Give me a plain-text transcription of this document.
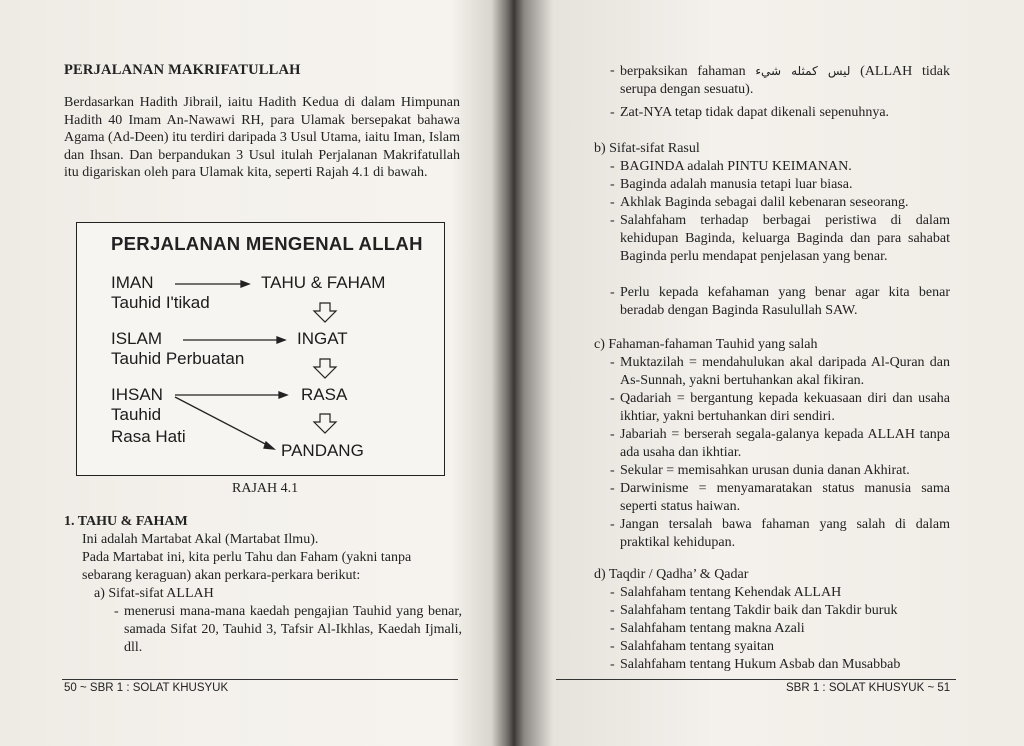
PERJALANAN MAKRIFATULLAH
Berdasarkan Hadith Jibrail, iaitu Hadith Kedua di dalam Himpunan Hadith 40 Imam An-Nawawi RH, para Ulamak bersepakat bahawa Agama (Ad-Deen) itu terdiri daripada 3 Usul Utama, iaitu Iman, Islam dan Ihsan. Dan berpandukan 3 Usul itulah Perjalanan Makrifatullah itu digariskan oleh para Ulamak kita, seperti Rajah 4.1 di bawah.
PERJALANAN MENGENAL ALLAH
IMAN
Tauhid I'tikad
TAHU & FAHAM
ISLAM
Tauhid Perbuatan
INGAT
IHSAN
Tauhid
Rasa Hati
RASA
PANDANG
RAJAH 4.1
1. TAHU & FAHAM
Ini adalah Martabat Akal (Martabat Ilmu).
Pada Martabat ini, kita perlu Tahu dan Faham (yakni tanpa
sebarang keraguan) akan perkara-perkara berikut:
a) Sifat-sifat ALLAH
- menerusi mana-mana kaedah pengajian Tauhid yang benar, samada Sifat 20, Tauhid 3, Tafsir Al-Ikhlas, Kaedah Ijmali, dll.
50 ~ SBR 1 : SOLAT KHUSYUK
- berpaksikan fahaman ليس كمثله شيء (ALLAH tidak serupa dengan sesuatu).
- Zat-NYA tetap tidak dapat dikenali sepenuhnya.
b) Sifat-sifat Rasul
- BAGINDA adalah PINTU KEIMANAN.
- Baginda adalah manusia tetapi luar biasa.
- Akhlak Baginda sebagai dalil kebenaran seseorang.
- Salahfaham terhadap berbagai peristiwa di dalam kehidupan Baginda, keluarga Baginda dan para sahabat Baginda perlu mendapat penjelasan yang benar.
- Perlu kepada kefahaman yang benar agar kita benar beradab dengan Baginda Rasulullah SAW.
c) Fahaman-fahaman Tauhid yang salah
- Muktazilah = mendahulukan akal daripada Al-Quran dan As-Sunnah, yakni bertuhankan akal fikiran.
- Qadariah = bergantung kepada kekuasaan diri dan usaha ikhtiar, yakni bertuhankan diri sendiri.
- Jabariah = berserah segala-galanya kepada ALLAH tanpa ada usaha dan ikhtiar.
- Sekular = memisahkan urusan dunia danan Akhirat.
- Darwinisme = menyamaratakan status manusia sama seperti status haiwan.
- Jangan tersalah bawa fahaman yang salah di dalam praktikal kehidupan.
d) Taqdir / Qadha’ & Qadar
- Salahfaham tentang Kehendak ALLAH
- Salahfaham tentang Takdir baik dan Takdir buruk
- Salahfaham tentang makna Azali
- Salahfaham tentang syaitan
- Salahfaham tentang Hukum Asbab dan Musabbab
SBR 1 : SOLAT KHUSYUK ~ 51
